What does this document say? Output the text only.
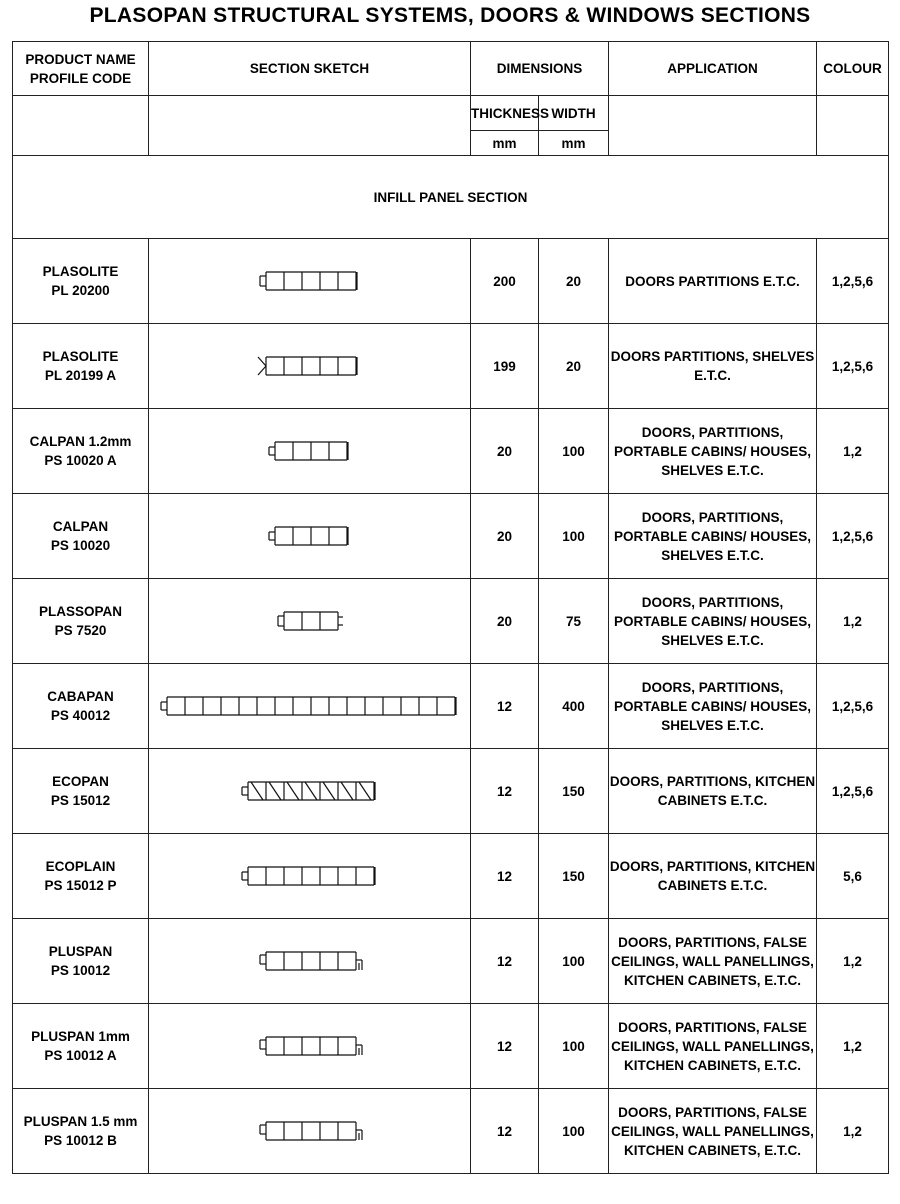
PLASOPAN STRUCTURAL SYSTEMS, DOORS & WINDOWS SECTIONS
PRODUCT NAME PROFILE CODE	SECTION SKETCH	DIMENSIONS		APPLICATION	COLOUR
		THICKNESS	WIDTH		
		mm	mm		
INFILL PANEL SECTION					

PLASOLITE
PL 20200		200	20	DOORS PARTITIONS E.T.C.	1,2,5,6

PLASOLITE
PL 20199 A		199	20	DOORS PARTITIONS, SHELVES E.T.C.	1,2,5,6

CALPAN 1.2mm
PS 10020 A		20	100	DOORS, PARTITIONS, PORTABLE CABINS/ HOUSES, SHELVES E.T.C.	1,2

CALPAN
PS 10020		20	100	DOORS, PARTITIONS, PORTABLE CABINS/ HOUSES, SHELVES E.T.C.	1,2,5,6

PLASSOPAN
PS 7520		20	75	DOORS, PARTITIONS, PORTABLE CABINS/ HOUSES, SHELVES E.T.C.	1,2

CABAPAN
PS 40012		12	400	DOORS, PARTITIONS, PORTABLE CABINS/ HOUSES, SHELVES E.T.C.	1,2,5,6

ECOPAN
PS 15012		12	150	DOORS, PARTITIONS, KITCHEN CABINETS E.T.C.	1,2,5,6

ECOPLAIN
PS 15012 P		12	150	DOORS, PARTITIONS, KITCHEN CABINETS E.T.C.	5,6

PLUSPAN
PS 10012		12	100	DOORS, PARTITIONS, FALSE CEILINGS, WALL PANELLINGS, KITCHEN CABINETS, E.T.C.	1,2

PLUSPAN 1mm
PS 10012 A		12	100	DOORS, PARTITIONS, FALSE CEILINGS, WALL PANELLINGS, KITCHEN CABINETS, E.T.C.	1,2

PLUSPAN 1.5 mm
PS 10012 B		12	100	DOORS, PARTITIONS, FALSE CEILINGS, WALL PANELLINGS, KITCHEN CABINETS, E.T.C.	1,2
